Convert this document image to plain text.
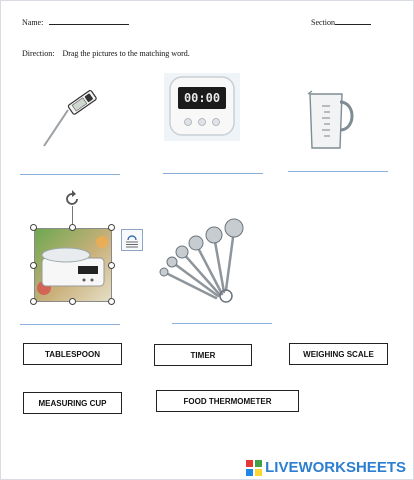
Name:	Section
Direction: Drag the pictures to the matching word.
00:00
TABLESPOON	TIMER	WEIGHING SCALE
MEASURING CUP	FOOD THERMOMETER
LIVEWORKSHEETS
